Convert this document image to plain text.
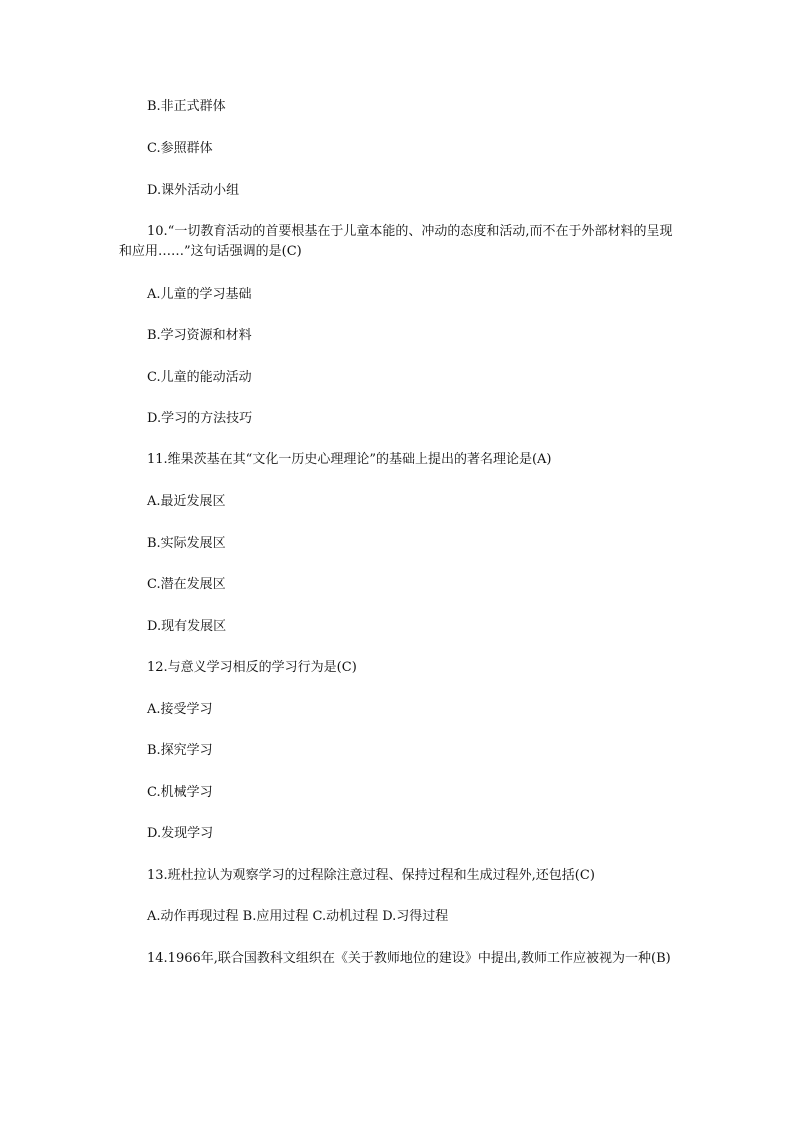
B.非正式群体
C.参照群体
D.课外活动小组
10.“一切教育活动的首要根基在于儿童本能的、冲动的态度和活动,而不在于外部材料的呈现和应用……”这句话强调的是(C)
A.儿童的学习基础
B.学习资源和材料
C.儿童的能动活动
D.学习的方法技巧
11.维果茨基在其“文化一历史心理理论”的基础上提出的著名理论是(A)
A.最近发展区
B.实际发展区
C.潜在发展区
D.现有发展区
12.与意义学习相反的学习行为是(C)
A.接受学习
B.探究学习
C.机械学习
D.发现学习
13.班杜拉认为观察学习的过程除注意过程、保持过程和生成过程外,还包括(C)
A.动作再现过程 B.应用过程 C.动机过程 D.习得过程
14.1966年,联合国教科文组织在《关于教师地位的建设》中提出,教师工作应被视为一种(B)
